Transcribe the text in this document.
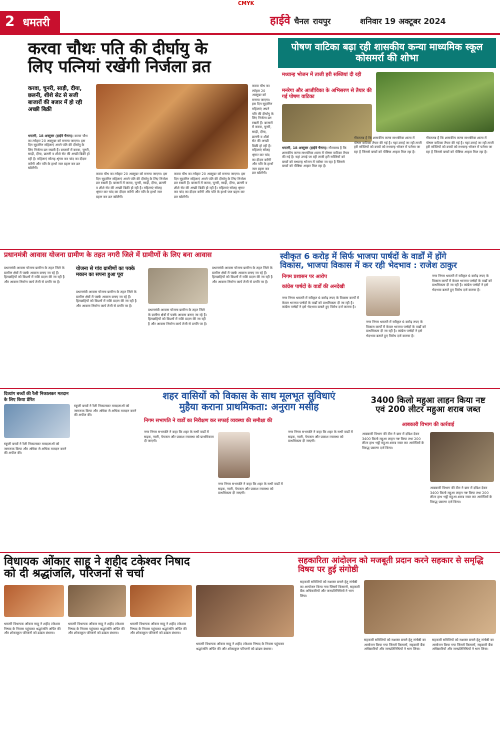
CMYK
2 धमतरी	हाईवे चैनल रायपुर	शनिवार 19 अक्टूबर 2024
करवा चौथः पति की दीर्घायु के
लिए पत्नियां रखेंगी निर्जला व्रत
करवा, चुनरी, साड़ी, दीया, छलनी, शीशे सेट से सजी बाजारों की बजार में हो रही अच्छी बिक्री
धमतरी, 18 अक्टूबर (हाईवे चैनल)। करवा चौथ का त्योहार 20 अक्टूबर को मनाया जाएगा। इस दिन सुहागिन महिलाएं अपने पति की दीर्घायु के लिए निर्जला व्रत रखती हैं। बाजारों में करवा, चुनरी, साड़ी, दीया, छलनी व शीशे सेट की अच्छी बिक्री हो रही है। महिलाएं सोलह श्रृंगार कर चांद का दीदार करेंगी और पति के हाथों जल ग्रहण कर व्रत खोलेंगी।
करवा चौथ का त्योहार 20 अक्टूबर को मनाया जाएगा। इस दिन सुहागिन महिलाएं अपने पति की दीर्घायु के लिए निर्जला व्रत रखती हैं। बाजारों में करवा, चुनरी, साड़ी, दीया, छलनी व शीशे सेट की अच्छी बिक्री हो रही है। महिलाएं सोलह श्रृंगार कर चांद का दीदार करेंगी और पति के हाथों जल ग्रहण कर व्रत खोलेंगी।
करवा चौथ का त्योहार 20 अक्टूबर को मनाया जाएगा। इस दिन सुहागिन महिलाएं अपने पति की दीर्घायु के लिए निर्जला व्रत रखती हैं। बाजारों में करवा, चुनरी, साड़ी, दीया, छलनी व शीशे सेट की अच्छी बिक्री हो रही है। महिलाएं सोलह श्रृंगार कर चांद का दीदार करेंगी और पति के हाथों जल ग्रहण कर व्रत खोलेंगी।
करवा चौथ का त्योहार 20 अक्टूबर को मनाया जाएगा। इस दिन सुहागिन महिलाएं अपने पति की दीर्घायु के लिए निर्जला व्रत रखती हैं। बाजारों में करवा, चुनरी, साड़ी, दीया, छलनी व शीशे सेट की अच्छी बिक्री हो रही है। महिलाएं सोलह श्रृंगार कर चांद का दीदार करेंगी और पति के हाथों जल ग्रहण कर व्रत खोलेंगी।
पोषण वाटिका बढ़ा रही शासकीय कन्या माध्यमिक स्कूल कोसमर्रा की शोभा
मध्यान्ह भोजन में ताजी हरी सब्जियां दी रही
मनरेगा और आजीविका के अभिसरण से तैयार की गई पोषण वाटिका
धमतरी, 18 अक्टूबर (हाईवे चैनल)। गौरतलब है कि शासकीय कन्या माध्यमिक शाला में पोषण वाटिका तैयार की गई है। यहां उगाई जा रही ताजी हरी सब्जियों को बच्चों को मध्यान्ह भोजन में परोसा जा रहा है जिससे बच्चों को पौष्टिक आहार मिल रहा है।
गौरतलब है कि शासकीय कन्या माध्यमिक शाला में पोषण वाटिका तैयार की गई है। यहां उगाई जा रही ताजी हरी सब्जियों को बच्चों को मध्यान्ह भोजन में परोसा जा रहा है जिससे बच्चों को पौष्टिक आहार मिल रहा है।
गौरतलब है कि शासकीय कन्या माध्यमिक शाला में पोषण वाटिका तैयार की गई है। यहां उगाई जा रही ताजी हरी सब्जियों को बच्चों को मध्यान्ह भोजन में परोसा जा रहा है जिससे बच्चों को पौष्टिक आहार मिल रहा है।
प्रधानमंत्री आवास योजना ग्रामीण के तहत नगरी जिले में ग्रामीणों के लिए बना आवास
योजना से गांव ग्रामीणों का पक्के मकान का सपना हुआ पूरा
प्रधानमंत्री आवास योजना ग्रामीण के तहत जिले के ग्रामीण क्षेत्रों में पक्के आवास बनाए जा रहे हैं। हितग्राहियों को किश्तों में राशि प्रदान की जा रही है और आवास निर्माण कार्य तेजी से प्रगति पर है।
प्रधानमंत्री आवास योजना ग्रामीण के तहत जिले के ग्रामीण क्षेत्रों में पक्के आवास बनाए जा रहे हैं। हितग्राहियों को किश्तों में राशि प्रदान की जा रही है और आवास निर्माण कार्य तेजी से प्रगति पर है।
प्रधानमंत्री आवास योजना ग्रामीण के तहत जिले के ग्रामीण क्षेत्रों में पक्के आवास बनाए जा रहे हैं। हितग्राहियों को किश्तों में राशि प्रदान की जा रही है और आवास निर्माण कार्य तेजी से प्रगति पर है।
प्रधानमंत्री आवास योजना ग्रामीण के तहत जिले के ग्रामीण क्षेत्रों में पक्के आवास बनाए जा रहे हैं। हितग्राहियों को किश्तों में राशि प्रदान की जा रही है और आवास निर्माण कार्य तेजी से प्रगति पर है।
स्वीकृत 6 करोड़ में सिर्फ भाजपा पार्षदों के वार्डों में होंगे
विकास, भाजपा विकास में कर रही भेदभाव : राजेश ठाकुर
निगम प्रशासन पर आरोप
कांग्रेस पार्षदों के वार्डों की अनदेखी
नगर निगम धमतरी में स्वीकृत 6 करोड़ रुपए के विकास कार्यों में केवल भाजपा पार्षदों के वार्डों को प्राथमिकता दी जा रही है। कांग्रेस पार्षदों ने इसे भेदभाव बताते हुए विरोध दर्ज कराया है।
नगर निगम धमतरी में स्वीकृत 6 करोड़ रुपए के विकास कार्यों में केवल भाजपा पार्षदों के वार्डों को प्राथमिकता दी जा रही है। कांग्रेस पार्षदों ने इसे भेदभाव बताते हुए विरोध दर्ज कराया है।
नगर निगम धमतरी में स्वीकृत 6 करोड़ रुपए के विकास कार्यों में केवल भाजपा पार्षदों के वार्डों को प्राथमिकता दी जा रही है। कांग्रेस पार्षदों ने इसे भेदभाव बताते हुए विरोध दर्ज कराया है।
दिव्यांग बच्चों की रैली निकालकर मतदान के लिए किया प्रेरित
स्कूली बच्चों ने रैली निकालकर मतदाताओं को जागरूक किया और अधिक से अधिक मतदान करने की अपील की।
स्कूली बच्चों ने रैली निकालकर मतदाताओं को जागरूक किया और अधिक से अधिक मतदान करने की अपील की।
शहर वासियों को विकास के साथ मूलभूत सुविधाएं
मुहैया कराना प्राथमिकता: अनुराग मसीह
निगम सभापति ने वार्डों का निरीक्षण कर सफाई व्यवस्था की समीक्षा की
नगर निगम सभापति ने कहा कि शहर के सभी वार्डों में सड़क, नाली, पेयजल और प्रकाश व्यवस्था को प्राथमिकता दी जाएगी।
नगर निगम सभापति ने कहा कि शहर के सभी वार्डों में सड़क, नाली, पेयजल और प्रकाश व्यवस्था को प्राथमिकता दी जाएगी।
नगर निगम सभापति ने कहा कि शहर के सभी वार्डों में सड़क, नाली, पेयजल और प्रकाश व्यवस्था को प्राथमिकता दी जाएगी।
3400 किलो महुआ लाहन किया नष्ट
एवं 200 लीटर महुआ शराब जब्त
आबकारी विभाग की कार्रवाई
आबकारी विभाग की टीम ने ग्राम में दबिश देकर 3400 किलो महुआ लाहन नष्ट किया तथा 200 लीटर हाथ भट्ठी महुआ शराब जब्त कर आरोपियों के विरुद्ध प्रकरण दर्ज किया।
आबकारी विभाग की टीम ने ग्राम में दबिश देकर 3400 किलो महुआ लाहन नष्ट किया तथा 200 लीटर हाथ भट्ठी महुआ शराब जब्त कर आरोपियों के विरुद्ध प्रकरण दर्ज किया।
विधायक ओंकार साहू ने शहीद टकेश्वर निषाद
को दी श्रद्धांजलि, परिजनों से चर्चा
धमतरी विधायक ओंकार साहू ने शहीद टकेश्वर निषाद के निवास पहुंचकर श्रद्धांजलि अर्पित की और शोकाकुल परिजनों को ढांढस बंधाया।
धमतरी विधायक ओंकार साहू ने शहीद टकेश्वर निषाद के निवास पहुंचकर श्रद्धांजलि अर्पित की और शोकाकुल परिजनों को ढांढस बंधाया।
धमतरी विधायक ओंकार साहू ने शहीद टकेश्वर निषाद के निवास पहुंचकर श्रद्धांजलि अर्पित की और शोकाकुल परिजनों को ढांढस बंधाया।
धमतरी विधायक ओंकार साहू ने शहीद टकेश्वर निषाद के निवास पहुंचकर श्रद्धांजलि अर्पित की और शोकाकुल परिजनों को ढांढस बंधाया।
सहकारिता आंदोलन को मजबूती प्रदान करने सहकार से समृद्धि विषय पर हुई संगोष्ठी
सहकारी समितियों को सशक्त बनाने हेतु संगोष्ठी का आयोजन किया गया जिसमें किसानों, सहकारी बैंक अधिकारियों और जनप्रतिनिधियों ने भाग लिया।
सहकारी समितियों को सशक्त बनाने हेतु संगोष्ठी का आयोजन किया गया जिसमें किसानों, सहकारी बैंक अधिकारियों और जनप्रतिनिधियों ने भाग लिया।
सहकारी समितियों को सशक्त बनाने हेतु संगोष्ठी का आयोजन किया गया जिसमें किसानों, सहकारी बैंक अधिकारियों और जनप्रतिनिधियों ने भाग लिया।
